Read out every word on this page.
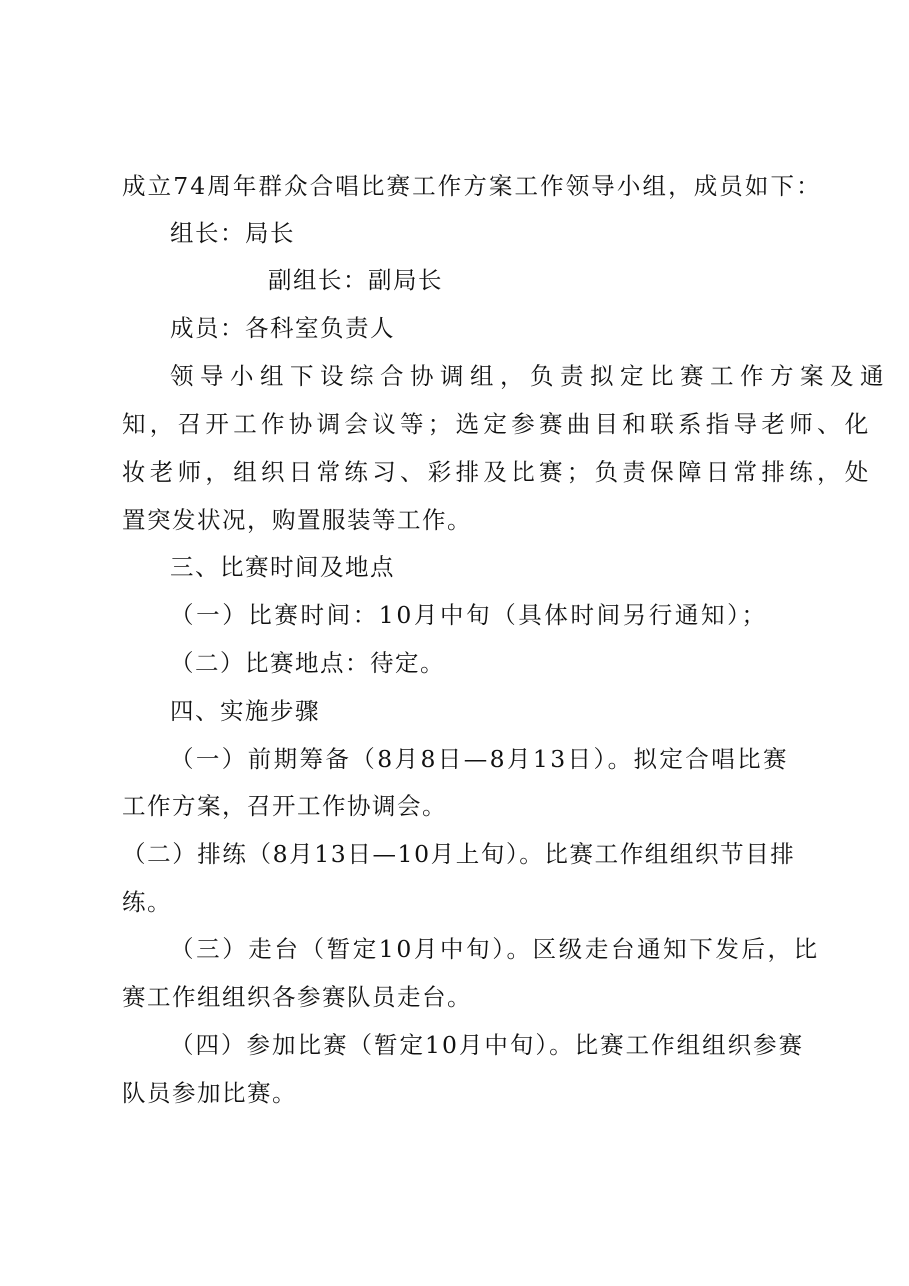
成立74周年群众合唱比赛工作方案工作领导小组，成员如下：
组长：局长
副组长：副局长
成员：各科室负责人
领导小组下设综合协调组，负责拟定比赛工作方案及通
知，召开工作协调会议等；选定参赛曲目和联系指导老师、化
妆老师，组织日常练习、彩排及比赛；负责保障日常排练，处
置突发状况，购置服装等工作。
三、比赛时间及地点
（一）比赛时间：10月中旬（具体时间另行通知）；
（二）比赛地点：待定。
四、实施步骤
（一）前期筹备（8月8日—8月13日）。拟定合唱比赛
工作方案，召开工作协调会。
（二）排练（8月13日—10月上旬）。比赛工作组组织节目排
练。
（三）走台（暂定10月中旬）。区级走台通知下发后，比
赛工作组组织各参赛队员走台。
（四）参加比赛（暂定10月中旬）。比赛工作组组织参赛
队员参加比赛。
